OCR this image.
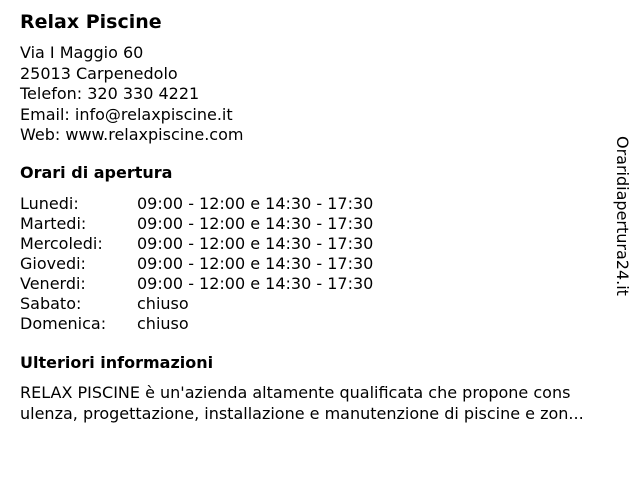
Relax Piscine
Via I Maggio 60
25013 Carpenedolo
Telefon: 320 330 4221
Email: info@relaxpiscine.it
Web: www.relaxpiscine.com
Orari di apertura
Lunedi:	09:00 - 12:00 e 14:30 - 17:30
Martedi:	09:00 - 12:00 e 14:30 - 17:30
Mercoledi:	09:00 - 12:00 e 14:30 - 17:30
Giovedi:	09:00 - 12:00 e 14:30 - 17:30
Venerdi:	09:00 - 12:00 e 14:30 - 17:30
Sabato:	chiuso
Domenica:	chiuso
Ulteriori informazioni
RELAX PISCINE è un'azienda altamente qualificata che propone cons
ulenza, progettazione, installazione e manutenzione di piscine e zon...
Oraridiapertura24.it
